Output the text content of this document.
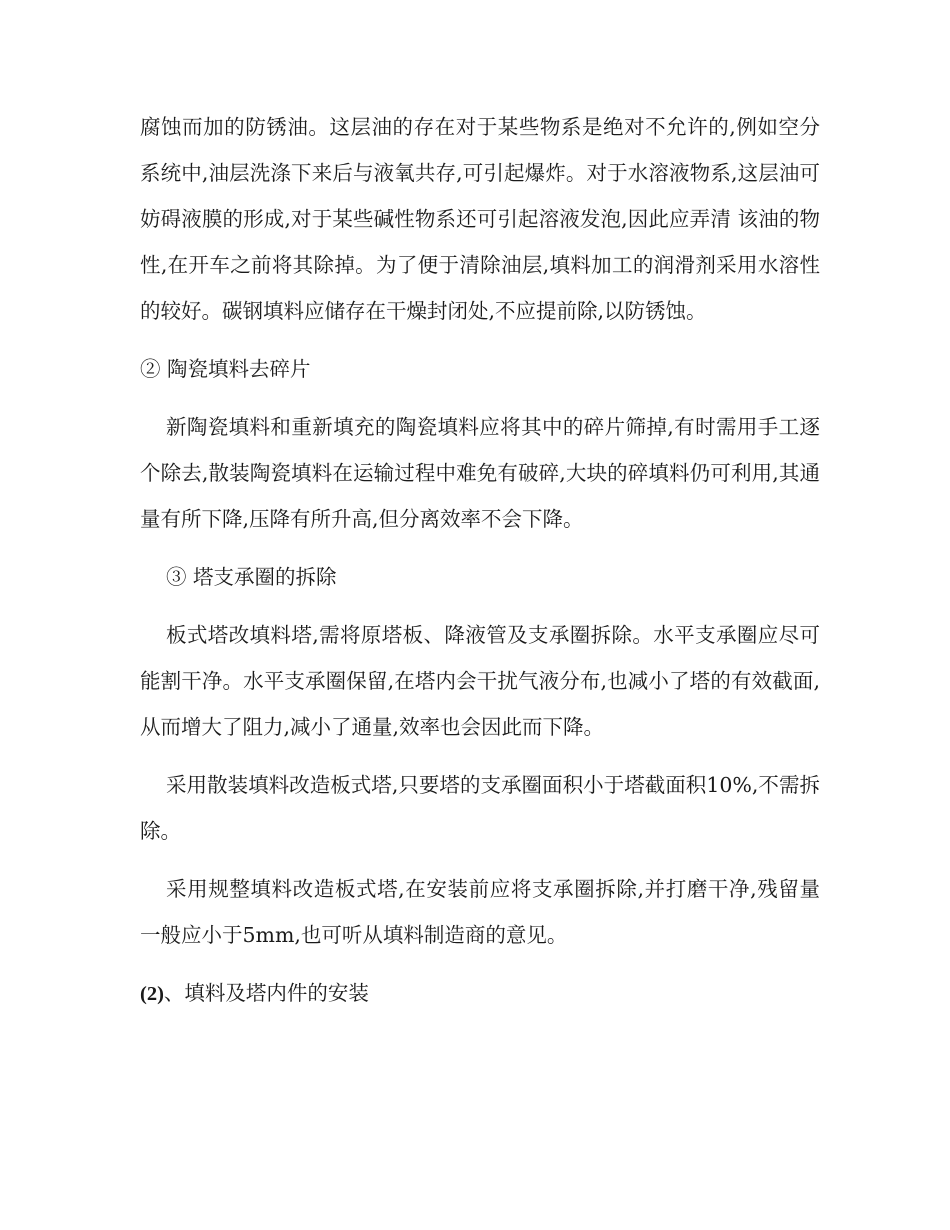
腐蚀而加的防锈油。这层油的存在对于某些物系是绝对不允许的,例如空分系统中,油层洗涤下来后与液氧共存,可引起爆炸。对于水溶液物系,这层油可妨碍液膜的形成,对于某些碱性物系还可引起溶液发泡,因此应弄清 该油的物性,在开车之前将其除掉。为了便于清除油层,填料加工的润滑剂采用水溶性的较好。碳钢填料应储存在干燥封闭处,不应提前除,以防锈蚀。

② 陶瓷填料去碎片

新陶瓷填料和重新填充的陶瓷填料应将其中的碎片筛掉,有时需用手工逐个除去,散装陶瓷填料在运输过程中难免有破碎,大块的碎填料仍可利用,其通量有所下降,压降有所升高,但分离效率不会下降。

③ 塔支承圈的拆除

板式塔改填料塔,需将原塔板、降液管及支承圈拆除。水平支承圈应尽可能割干净。水平支承圈保留,在塔内会干扰气液分布,也减小了塔的有效截面,从而增大了阻力,减小了通量,效率也会因此而下降。

采用散装填料改造板式塔,只要塔的支承圈面积小于塔截面积10%,不需拆除。

采用规整填料改造板式塔,在安装前应将支承圈拆除,并打磨干净,残留量一般应小于5mm,也可听从填料制造商的意见。

(2)、填料及塔内件的安装
